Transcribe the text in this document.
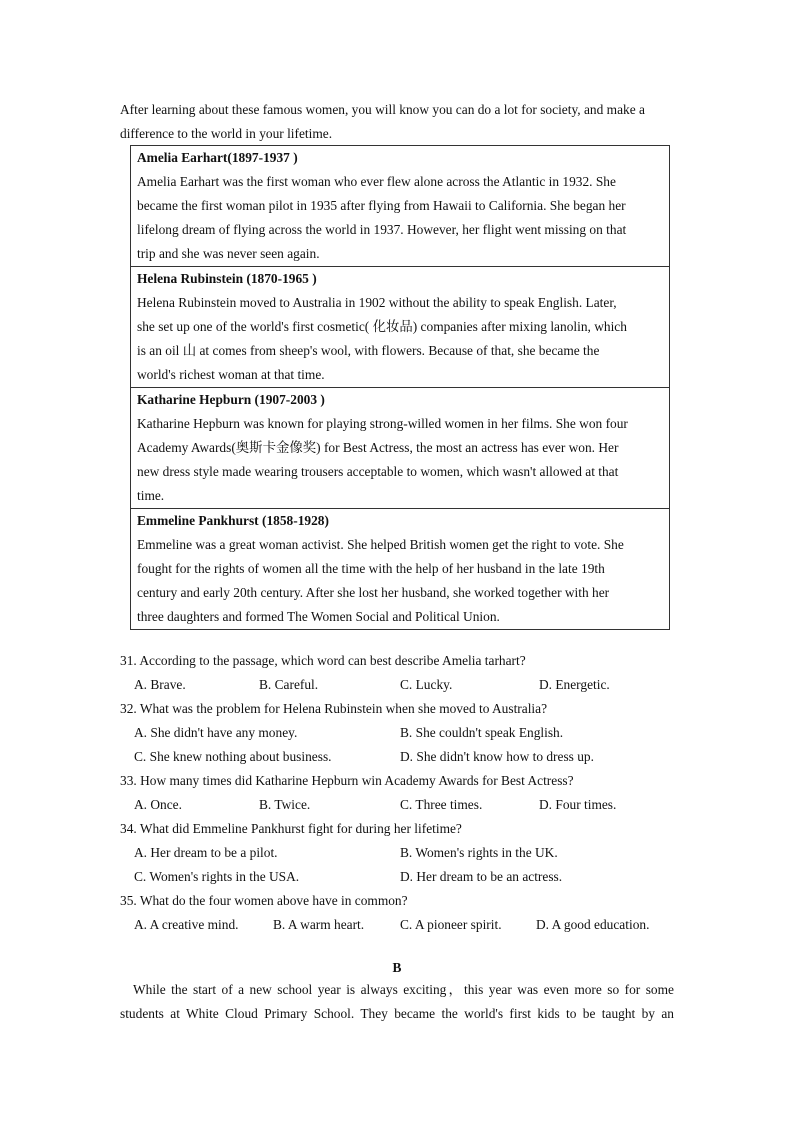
After learning about these famous women, you will know you can do a lot for society, and make a difference to the world in your lifetime.
Amelia Earhart(1897-1937 )
Amelia Earhart was the first woman who ever flew alone across the Atlantic in 1932. She
became the first woman pilot in 1935 after flying from Hawaii to California. She began her
lifelong dream of flying across the world in 1937. However, her flight went missing on that
trip and she was never seen again.
Helena Rubinstein (1870-1965 )
Helena Rubinstein moved to Australia in 1902 without the ability to speak English. Later,
she set up one of the world's first cosmetic( 化妆品) companies after mixing lanolin, which
is an oil 山 at comes from sheep's wool, with flowers. Because of that, she became the
world's richest woman at that time.
Katharine Hepburn (1907-2003 )
Katharine Hepburn was known for playing strong-willed women in her films. She won four
Academy Awards(奥斯卡金像奖) for Best Actress, the most an actress has ever won. Her
new dress style made wearing trousers acceptable to women, which wasn't allowed at that
time.
Emmeline Pankhurst (1858-1928)
Emmeline was a great woman activist. She helped British women get the right to vote. She
fought for the rights of women all the time with the help of her husband in the late 19th
century and early 20th century. After she lost her husband, she worked together with her
three daughters and formed The Women Social and Political Union.
31. According to the passage, which word can best describe Amelia tarhart?
A. Brave.	B. Careful.	C. Lucky.	D. Energetic.
32. What was the problem for Helena Rubinstein when she moved to Australia?
A. She didn't have any money.	B. She couldn't speak English.
C. She knew nothing about business.	D. She didn't know how to dress up.
33. How many times did Katharine Hepburn win Academy Awards for Best Actress?
A. Once.	B. Twice.	C. Three times.	D. Four times.
34. What did Emmeline Pankhurst fight for during her lifetime?
A. Her dream to be a pilot.	B. Women's rights in the UK.
C. Women's rights in the USA.	D. Her dream to be an actress.
35. What do the four women above have in common?
A. A creative mind.	B. A warm heart.	C. A pioneer spirit.	D. A good education.
B
While the start of a new school year is always exciting，this year was even more so for some
students at White Cloud Primary School. They became the world's first kids to be taught by an
